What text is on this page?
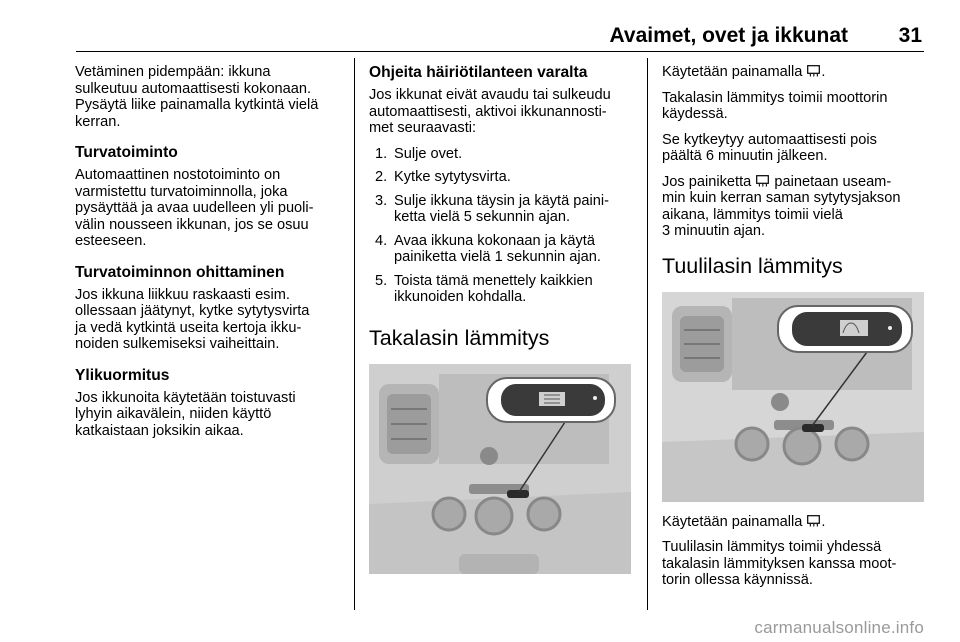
Avaimet, ovet ja ikkunat 31

Vetäminen pidempään: ikkuna
sulkeutuu automaattisesti kokonaan.
Pysäytä liike painamalla kytkintä vielä
kerran.

Turvatoiminto

Automaattinen nostotoiminto on
varmistettu turvatoiminnolla, joka
pysäyttää ja avaa uudelleen yli puoli-
välin nousseen ikkunan, jos se osuu
esteeseen.

Turvatoiminnon ohittaminen

Jos ikkuna liikkuu raskaasti esim.
ollessaan jäätynyt, kytke sytytysvirta
ja vedä kytkintä useita kertoja ikku-
noiden sulkemiseksi vaiheittain.

Ylikuormitus

Jos ikkunoita käytetään toistuvasti
lyhyin aikavälein, niiden käyttö
katkaistaan joksikin aikaa.

Ohjeita häiriötilanteen varalta

Jos ikkunat eivät avaudu tai sulkeudu
automaattisesti, aktivoi ikkunannosti-
met seuraavasti:

1. Sulje ovet.
2. Kytke sytytysvirta.
3. Sulje ikkuna täysin ja käytä paini-
ketta vielä 5 sekunnin ajan.
4. Avaa ikkuna kokonaan ja käytä
painiketta vielä 1 sekunnin ajan.
5. Toista tämä menettely kaikkien
ikkunoiden kohdalla.
Takalasin lämmitys

Käytetään painamalla .

Takalasin lämmitys toimii moottorin
käydessä.

Se kytkeytyy automaattisesti pois
päältä 6 minuutin jälkeen.

Jos painiketta painetaan useam-
min kuin kerran saman sytytysjakson
aikana, lämmitys toimii vielä
3 minuutin ajan.

Tuulilasin lämmitys

Käytetään painamalla .

Tuulilasin lämmitys toimii yhdessä
takalasin lämmityksen kanssa moot-
torin ollessa käynnissä.

carmanualsonline.info
